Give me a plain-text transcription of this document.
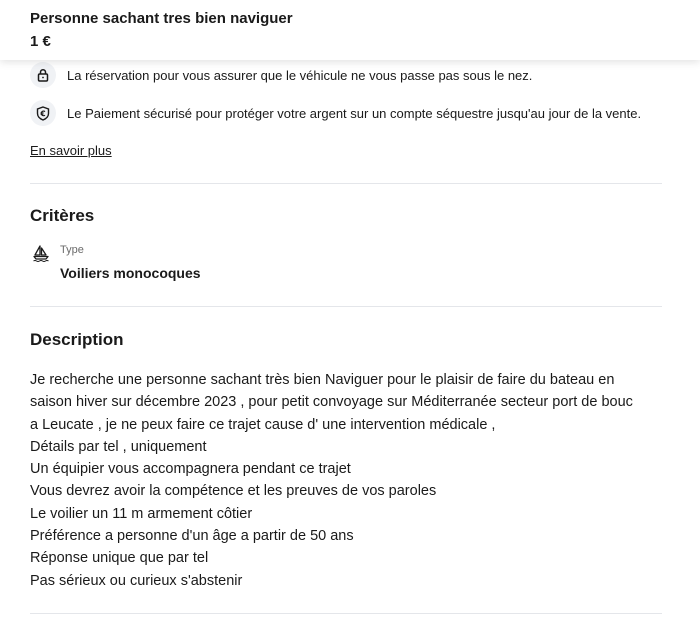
La réservation pour vous assurer que le véhicule ne vous passe pas sous le nez.
Le Paiement sécurisé pour protéger votre argent sur un compte séquestre jusqu'au jour de la vente.
En savoir plus
Critères
Type
Voiliers monocoques
Description
Je recherche une personne sachant très bien Naviguer pour le plaisir de faire du bateau en
saison hiver sur décembre 2023 , pour petit convoyage sur Méditerranée secteur port de bouc
a Leucate , je ne peux faire ce trajet cause d' une intervention médicale ,
Détails par tel , uniquement
Un équipier vous accompagnera pendant ce trajet
Vous devrez avoir la compétence et les preuves de vos paroles
Le voilier un 11 m armement côtier
Préférence a personne d'un âge a partir de 50 ans
Réponse unique que par tel
Pas sérieux ou curieux s'abstenir
Personne sachant tres bien naviguer
1 €
